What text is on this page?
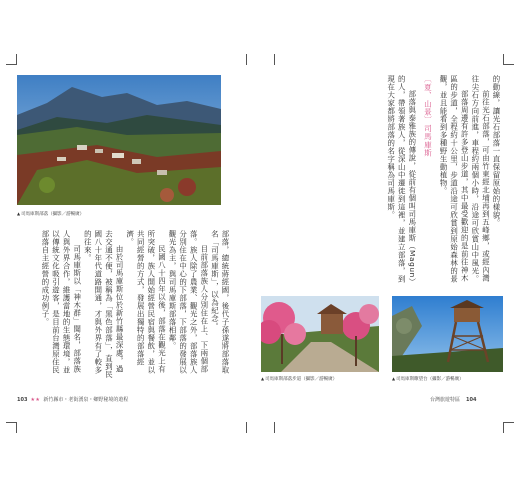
▲司馬庫斯部落（攝影／游暢廣）

部落，總統蔣經國，後代子孫遂將部落取名「司馬庫斯」，以為紀念。

目前部落族人分別住在上、下兩個部落。族人除了農業、觀光之外，部落族人分別住在中心的下部落，下部落的發展以觀光為主，與司馬庫斯部落相鄰。

民國八十四年以後，部落在觀光上有所突破，族人開始經營民宿與餐飲，並以共同經營的方式，發展出獨特的部落經濟。

由於司馬庫斯位於新竹縣最深處，過去交通不便，被稱為「黑色部落」，直到民國八十年代道路開通，才與外界有了較多的往來。

司馬庫斯以「神木群」聞名，部落族人與外界合作，維護當地的生態環境，並以傳統文化吸引遊客，是目前台灣原住民部落自主經營的成功例子。

103 ★★ 新竹縣市・老街湧泉・鄉野秘境的遊程

的動線，讓光石部落一直保留原始的樣貌。

前往光石部落，可由竹東經北埔再到五峰鄉，或經內灣往尖石方向前進，車程約兩個小時，沿途可欣賞山中風光。

部落周邊有許多登山步道，其中最受歡迎的是前往神木區的步道，全程約十公里，步道沿途可欣賞到原始森林的景觀，並且能看到多種野生動植物。

〔夏、山景〕司馬庫斯

部落與泰雅族的傳說，從前有個叫司馬庫斯（Magun）的人，帶領著族人，從深山中遷徙到這裡，並建立部落，到現在大家都將部落的名字稱為司馬庫斯。

▲司馬庫斯部落步道（攝影／游暢廣）	▲司馬庫斯瞭望台（攝影／游暢廣）
台灣旅遊特區 104
